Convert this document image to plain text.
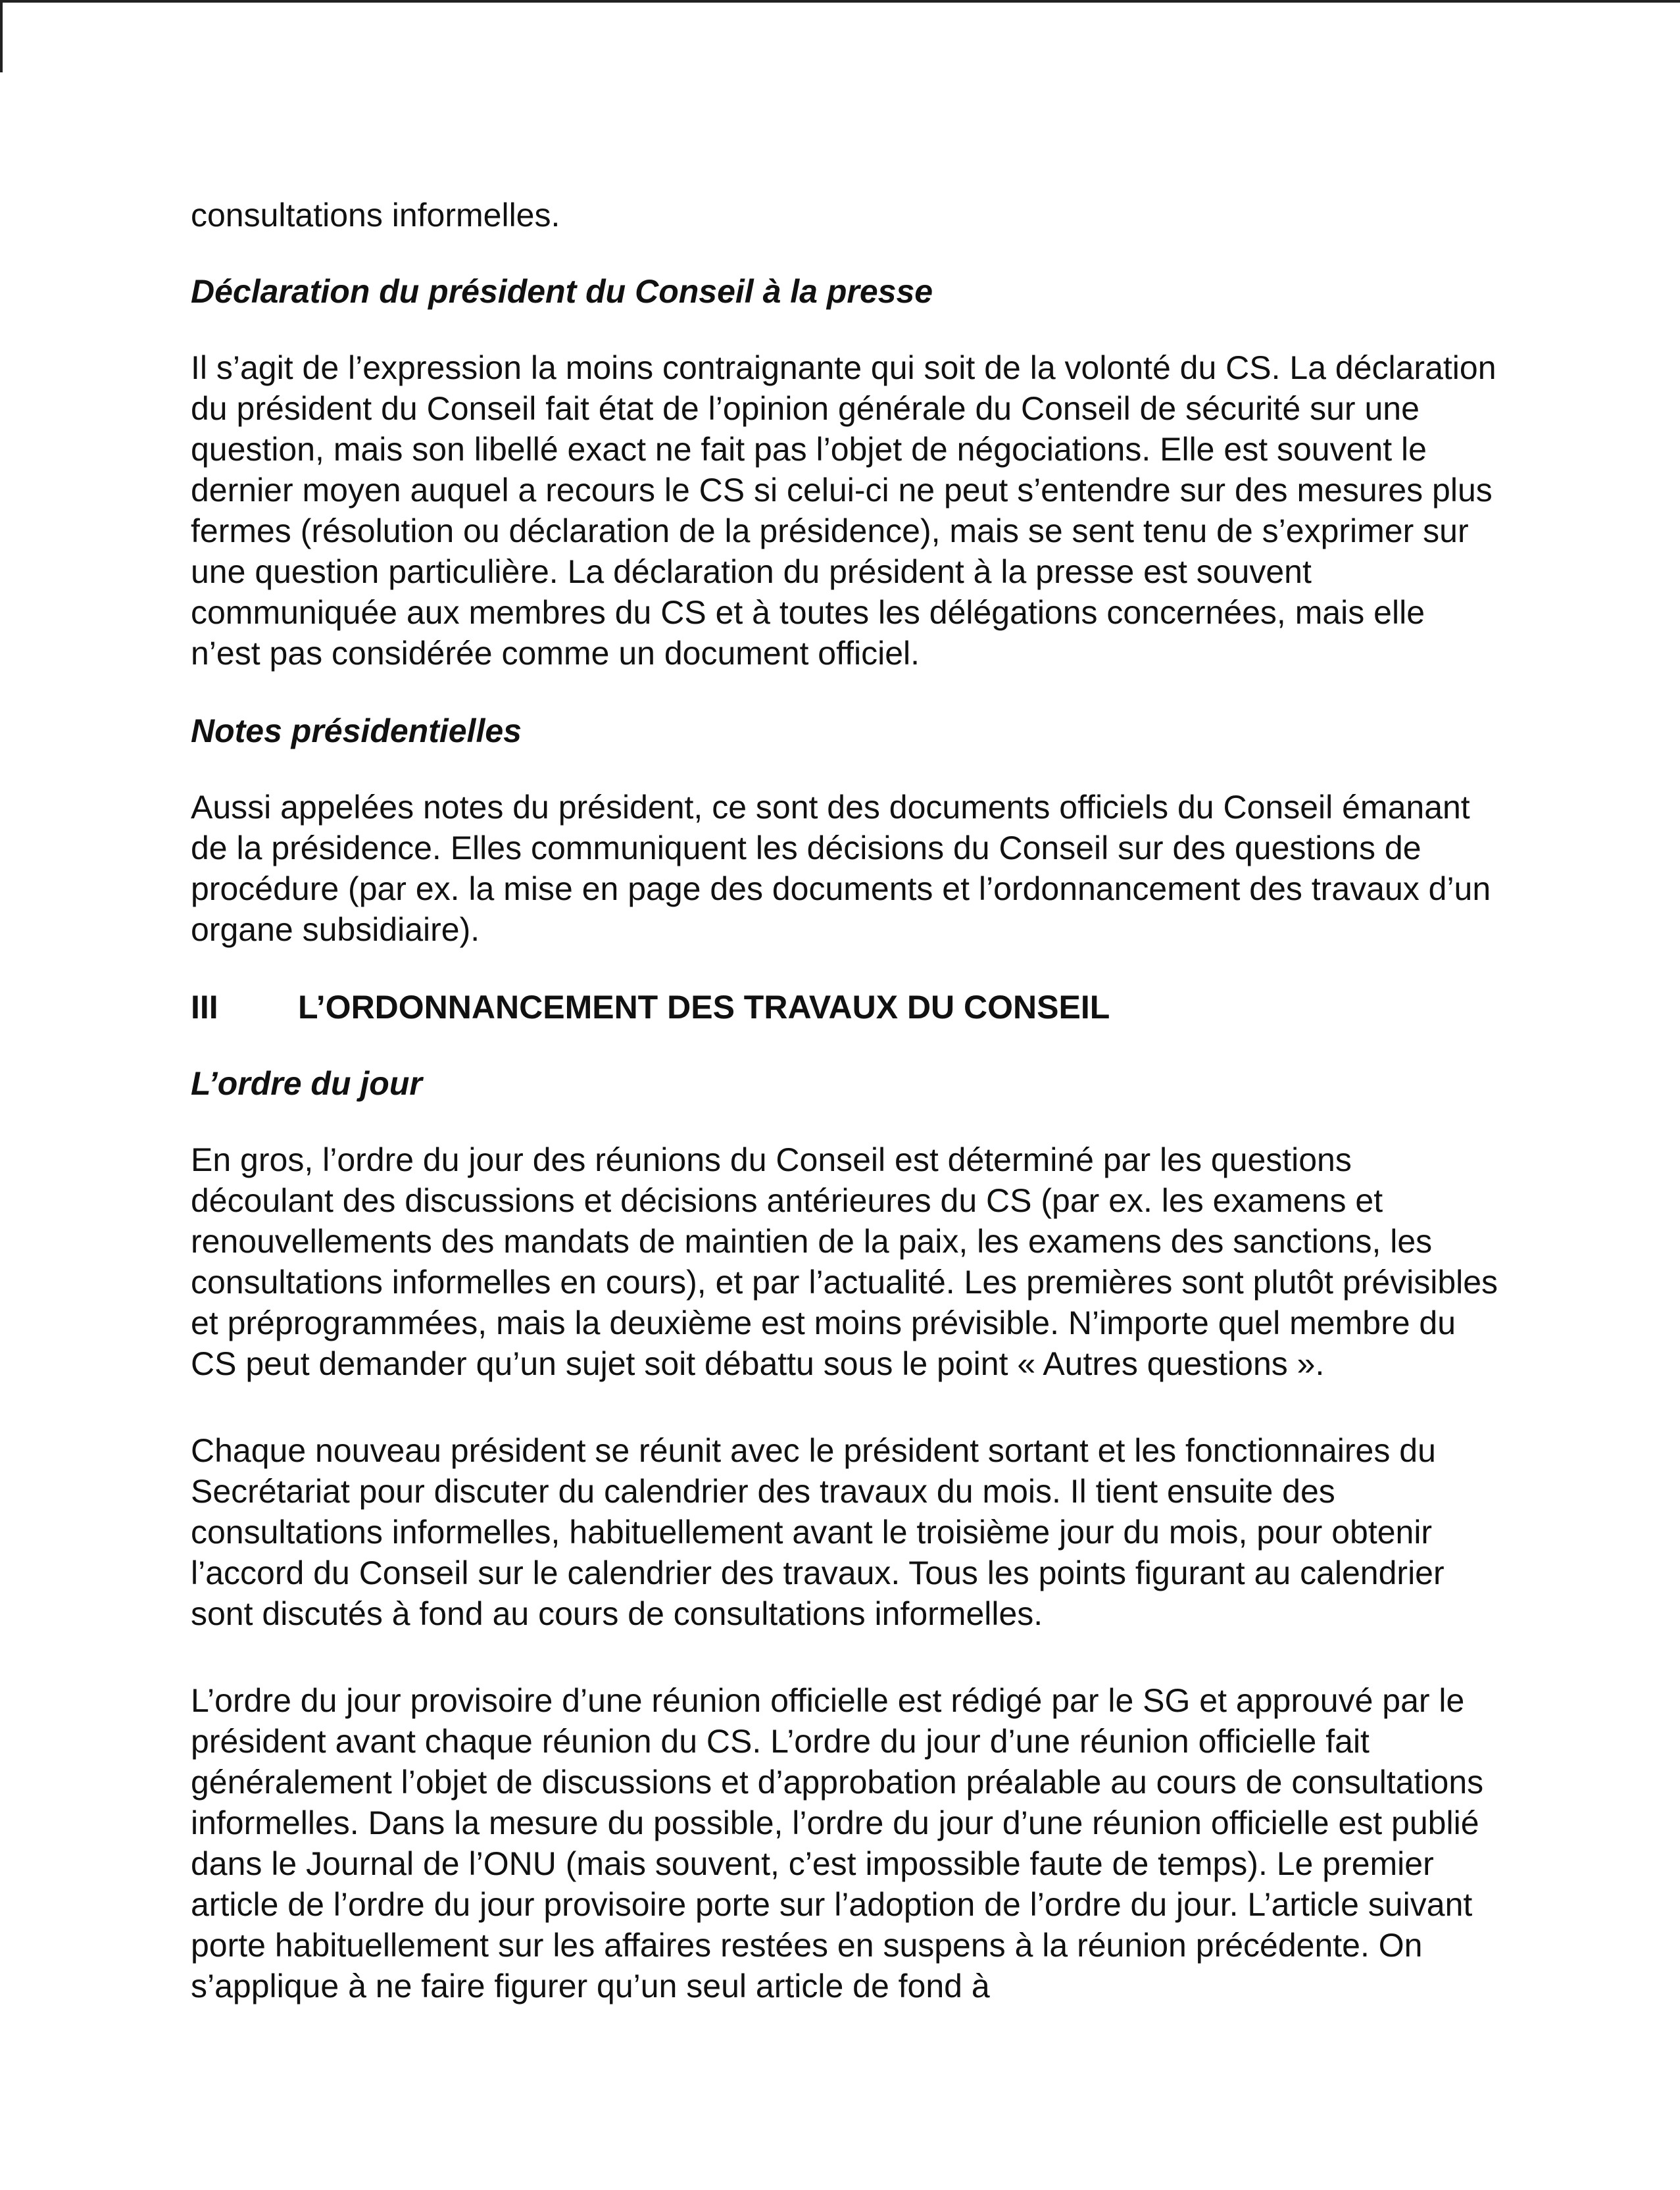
consultations informelles.

Déclaration du président du Conseil à la presse

Il s’agit de l’expression la moins contraignante qui soit de la volonté du CS. La déclaration du président du Conseil fait état de l’opinion générale du Conseil de sécurité sur une question, mais son libellé exact ne fait pas l’objet de négociations. Elle est souvent le dernier moyen auquel a recours le CS si celui-ci ne peut s’entendre sur des mesures plus fermes (résolution ou déclaration de la présidence), mais se sent tenu de s’exprimer sur une question particulière. La déclaration du président à la presse est souvent communiquée aux membres du CS et à toutes les délégations concernées, mais elle n’est pas considérée comme un document officiel.

Notes présidentielles

Aussi appelées notes du président, ce sont des documents officiels du Conseil émanant de la présidence. Elles communiquent les décisions du Conseil sur des questions de procédure (par ex. la mise en page des documents et l’ordonnancement des travaux d’un organe subsidiaire).

III	L’ORDONNANCEMENT DES TRAVAUX DU CONSEIL
L’ordre du jour

En gros, l’ordre du jour des réunions du Conseil est déterminé par les questions découlant des discussions et décisions antérieures du CS (par ex. les examens et renouvellements des mandats de maintien de la paix, les examens des sanctions, les consultations informelles en cours), et par l’actualité. Les premières sont plutôt prévisibles et préprogrammées, mais la deuxième est moins prévisible. N’importe quel membre du CS peut demander qu’un sujet soit débattu sous le point « Autres questions ».

Chaque nouveau président se réunit avec le président sortant et les fonctionnaires du Secrétariat pour discuter du calendrier des travaux du mois. Il tient ensuite des consultations informelles, habituellement avant le troisième jour du mois, pour obtenir l’accord du Conseil sur le calendrier des travaux. Tous les points figurant au calendrier sont discutés à fond au cours de consultations informelles.

L’ordre du jour provisoire d’une réunion officielle est rédigé par le SG et approuvé par le président avant chaque réunion du CS. L’ordre du jour d’une réunion officielle fait généralement l’objet de discussions et d’approbation préalable au cours de consultations informelles. Dans la mesure du possible, l’ordre du jour d’une réunion officielle est publié dans le Journal de l’ONU (mais souvent, c’est impossible faute de temps). Le premier article de l’ordre du jour provisoire porte sur l’adoption de l’ordre du jour. L’article suivant porte habituellement sur les affaires restées en suspens à la réunion précédente. On s’applique à ne faire figurer qu’un seul article de fond à
